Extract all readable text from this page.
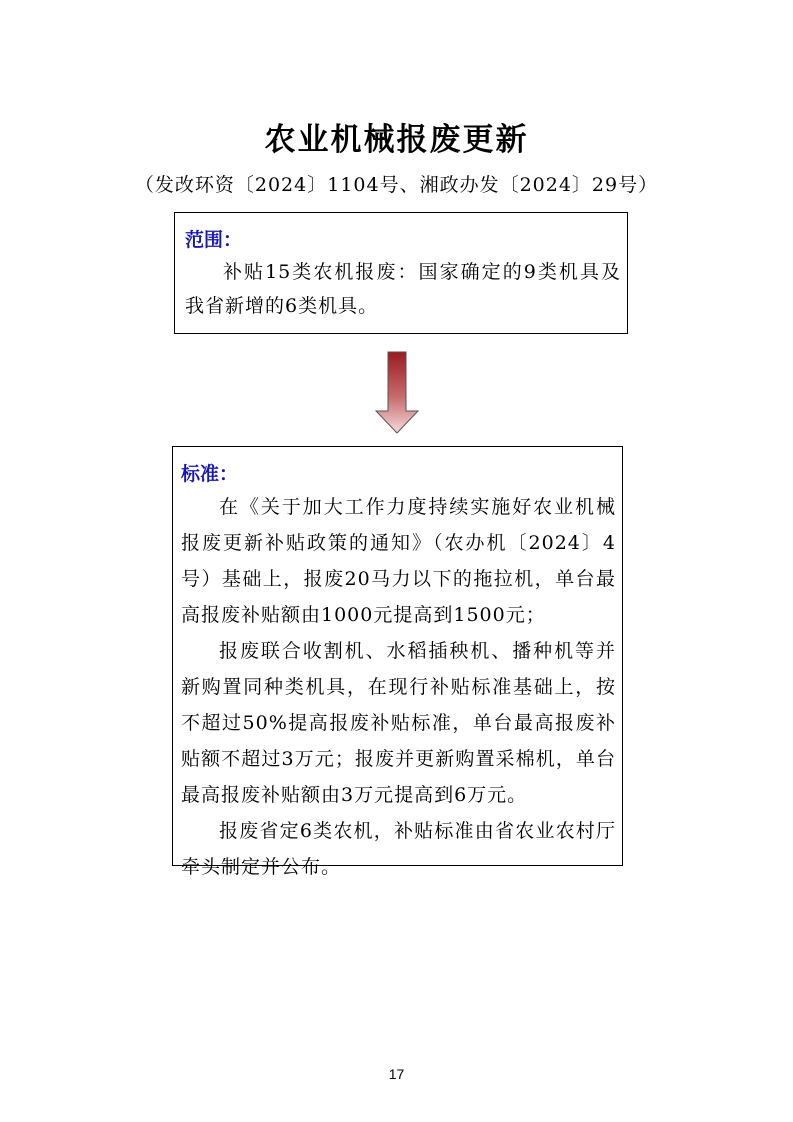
农业机械报废更新
（发改环资〔2024〕1104号、湘政办发〔2024〕29号）
范围：

补贴15类农机报废：国家确定的9类机具及我省新增的6类机具。

标准：

在《关于加大工作力度持续实施好农业机械报废更新补贴政策的通知》（农办机〔2024〕4号）基础上，报废20马力以下的拖拉机，单台最高报废补贴额由1000元提高到1500元；

报废联合收割机、水稻插秧机、播种机等并新购置同种类机具，在现行补贴标准基础上，按不超过50%提高报废补贴标准，单台最高报废补贴额不超过3万元；报废并更新购置采棉机，单台最高报废补贴额由3万元提高到6万元。

报废省定6类农机，补贴标准由省农业农村厅牵头制定并公布。

17
